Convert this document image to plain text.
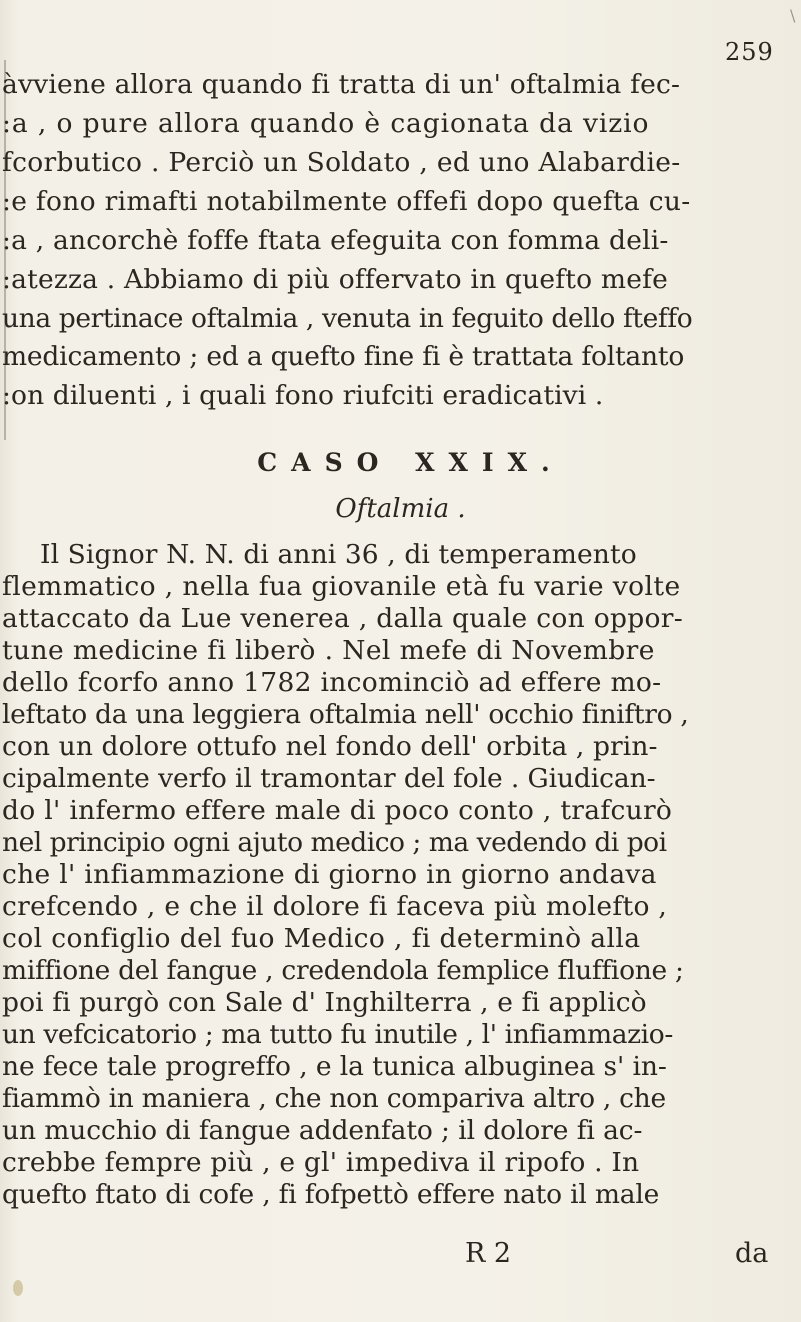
\
259
àvviene allora quando fi tratta di un' oftalmia fec-
:a , o pure allora quando è cagionata da vizio
fcorbutico . Perciò un Soldato , ed uno Alabardie-
:e fono rimafti notabilmente offefi dopo quefta cu-
:a , ancorchè foffe ftata efeguita con fomma deli-
:atezza . Abbiamo di più offervato in quefto mefe
una pertinace oftalmia , venuta in feguito dello fteffo
medicamento ; ed a quefto fine fi è trattata foltanto
:on diluenti , i quali fono riufciti eradicativi .
CASO XXIX.
Oftalmia .
Il Signor N. N. di anni 36 , di temperamento
flemmatico , nella fua giovanile età fu varie volte
attaccato da Lue venerea , dalla quale con oppor-
tune medicine fi liberò . Nel mefe di Novembre
dello fcorfo anno 1782 incominciò ad effere mo-
leftato da una leggiera oftalmia nell' occhio finiftro ,
con un dolore ottufo nel fondo dell' orbita , prin-
cipalmente verfo il tramontar del fole . Giudican-
do l' infermo effere male di poco conto , trafcurò
nel principio ogni ajuto medico ; ma vedendo di poi
che l' infiammazione di giorno in giorno andava
crefcendo , e che il dolore fi faceva più molefto ,
col configlio del fuo Medico , fi determinò alla
miffione del fangue , credendola femplice fluffione ;
poi fi purgò con Sale d' Inghilterra , e fi applicò
un vefcicatorio ; ma tutto fu inutile , l' infiammazio-
ne fece tale progreffo , e la tunica albuginea s' in-
fiammò in maniera , che non compariva altro , che
un mucchio di fangue addenfato ; il dolore fi ac-
crebbe fempre più , e gl' impediva il ripofo . In
quefto ftato di cofe , fi fofpettò effere nato il male
R 2	da
